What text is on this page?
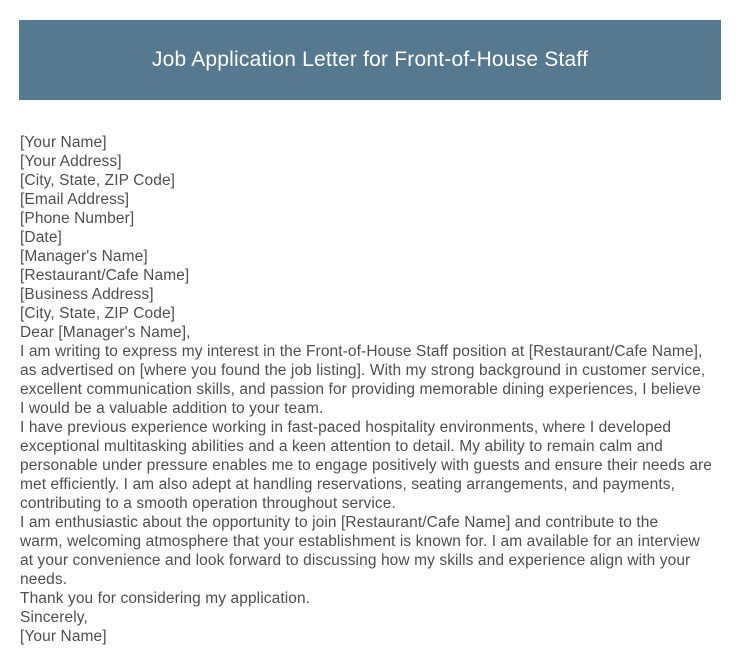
Job Application Letter for Front-of-House Staff
[Your Name]
[Your Address]
[City, State, ZIP Code]
[Email Address]
[Phone Number]
[Date]
[Manager's Name]
[Restaurant/Cafe Name]
[Business Address]
[City, State, ZIP Code]
Dear [Manager's Name],
I am writing to express my interest in the Front-of-House Staff position at [Restaurant/Cafe Name],
as advertised on [where you found the job listing]. With my strong background in customer service,
excellent communication skills, and passion for providing memorable dining experiences, I believe
I would be a valuable addition to your team.
I have previous experience working in fast-paced hospitality environments, where I developed
exceptional multitasking abilities and a keen attention to detail. My ability to remain calm and
personable under pressure enables me to engage positively with guests and ensure their needs are
met efficiently. I am also adept at handling reservations, seating arrangements, and payments,
contributing to a smooth operation throughout service.
I am enthusiastic about the opportunity to join [Restaurant/Cafe Name] and contribute to the
warm, welcoming atmosphere that your establishment is known for. I am available for an interview
at your convenience and look forward to discussing how my skills and experience align with your
needs.
Thank you for considering my application.
Sincerely,
[Your Name]
